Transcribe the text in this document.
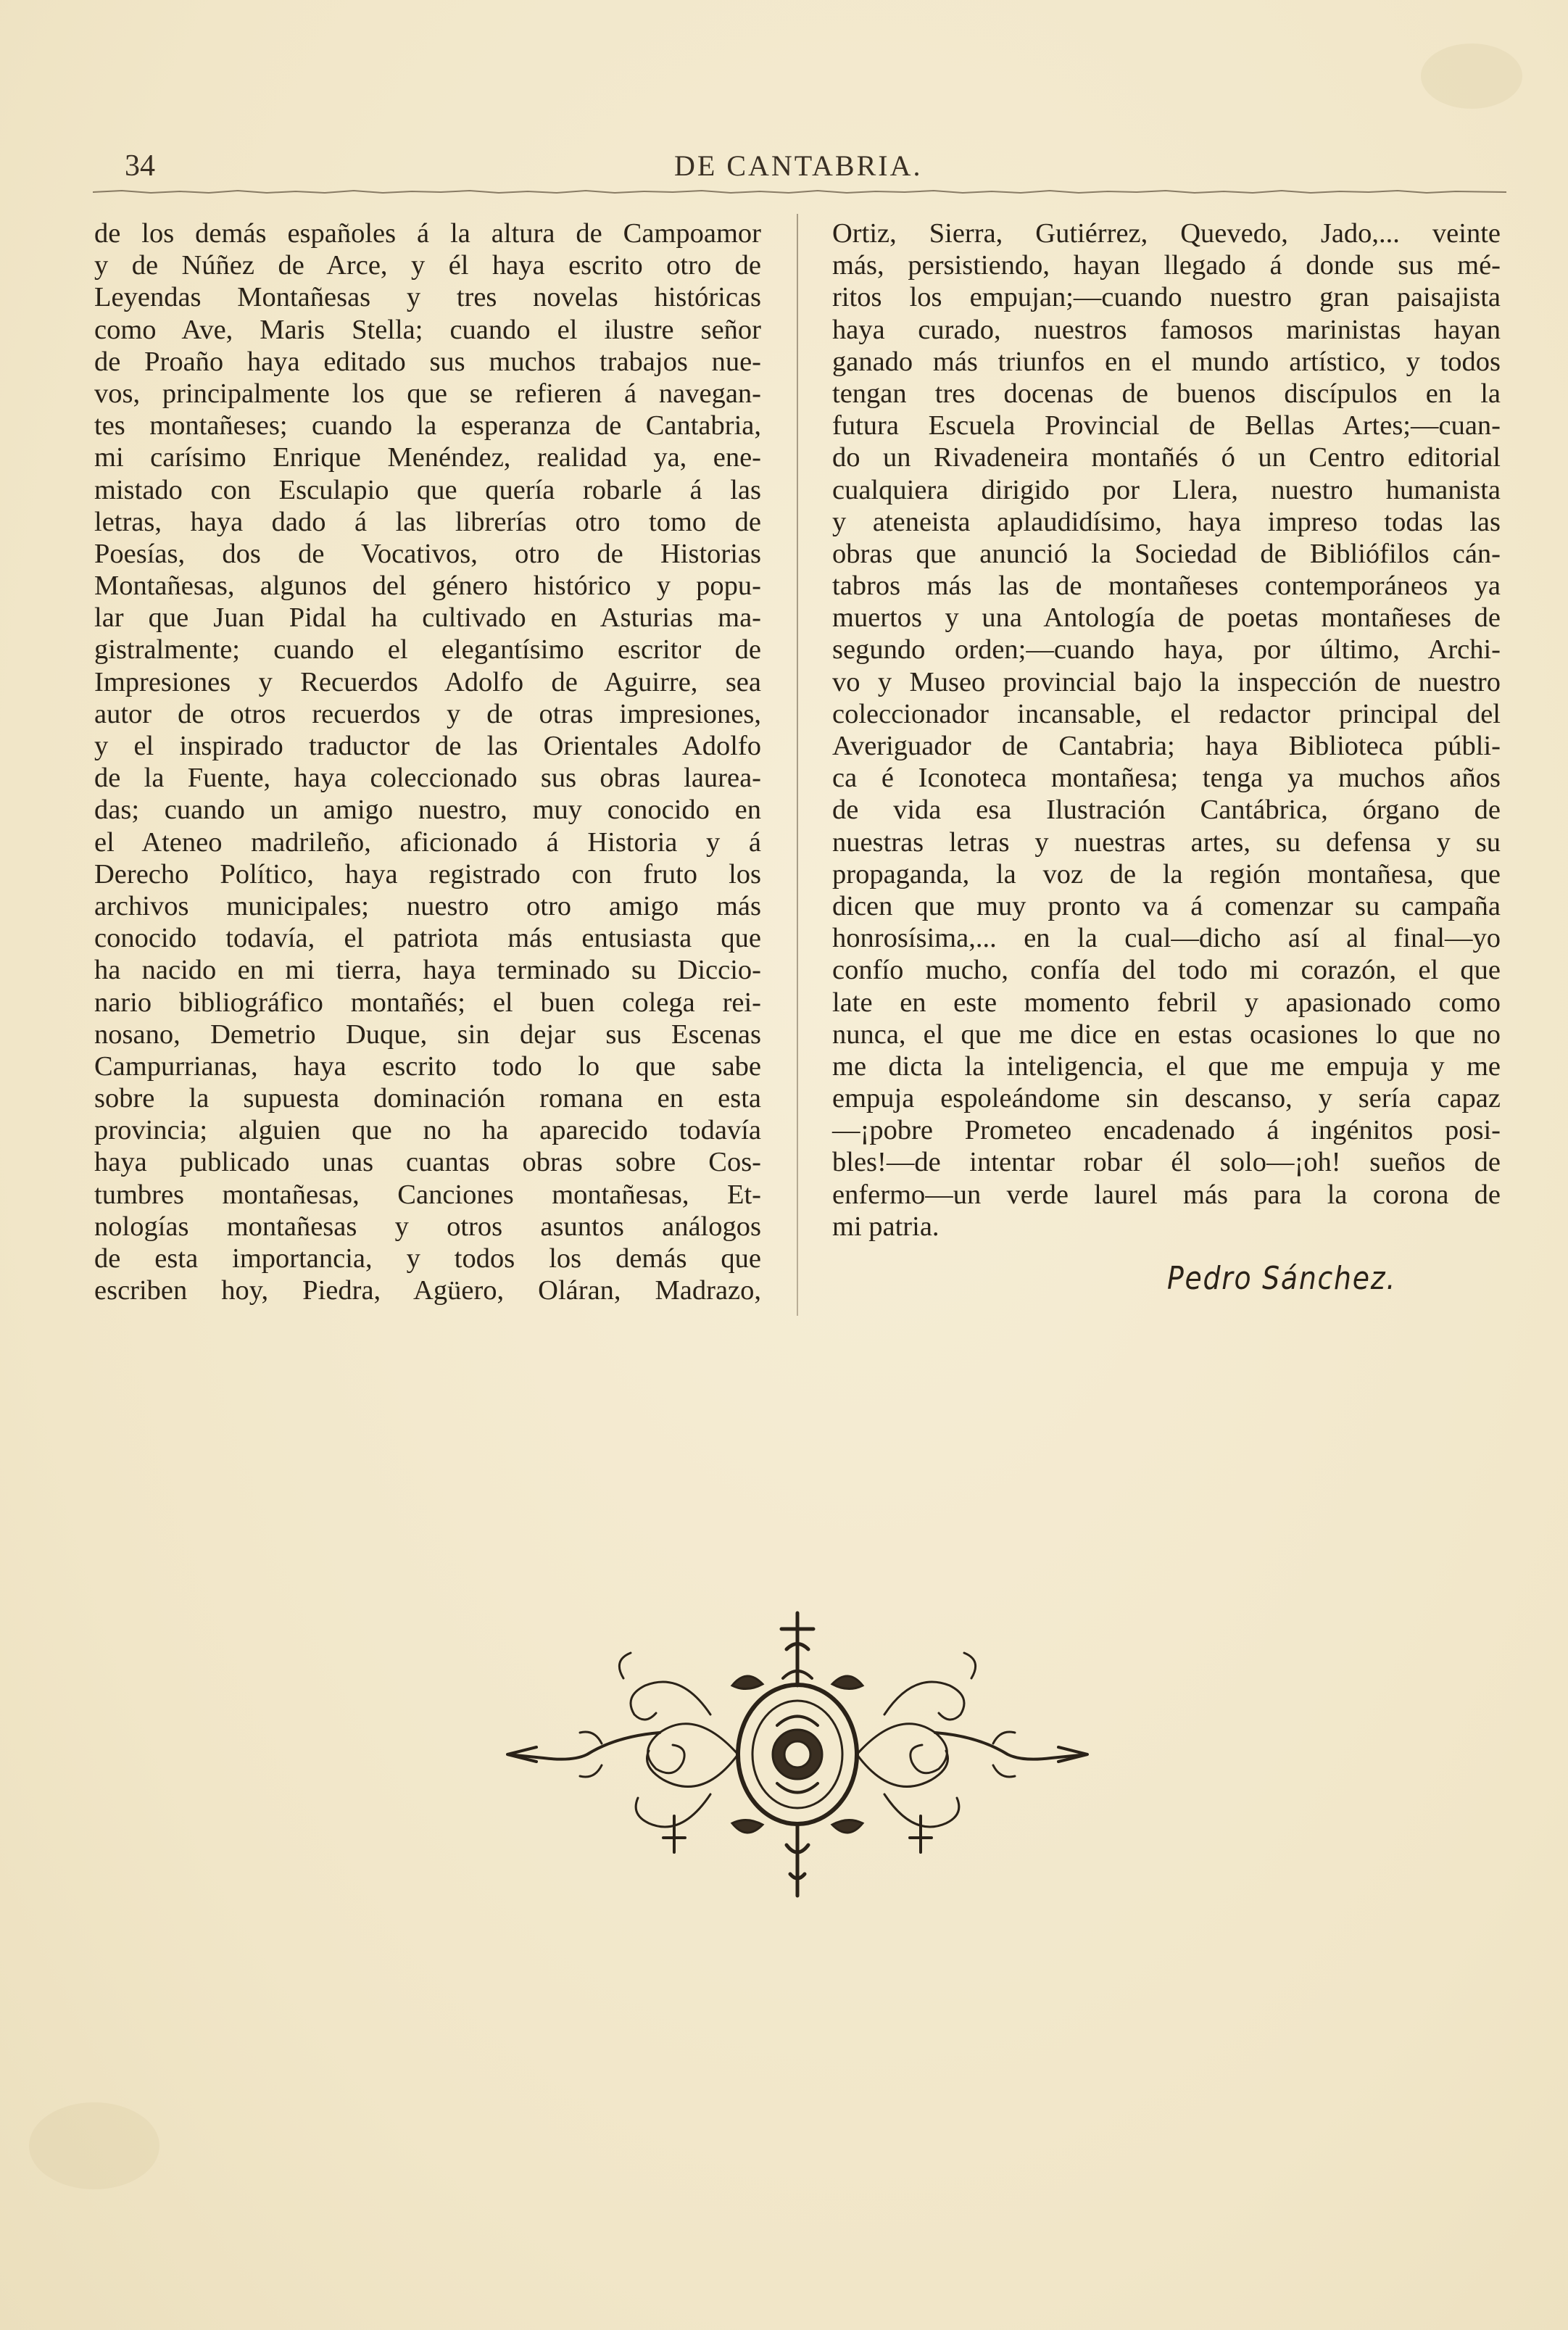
34	DE CANTABRIA.
de los demás españoles á la altura de Campoamor
y de Núñez de Arce, y él haya escrito otro de
Leyendas Montañesas y tres novelas históricas
como Ave, Maris Stella; cuando el ilustre señor
de Proaño haya editado sus muchos trabajos nue-
vos, principalmente los que se refieren á navegan-
tes montañeses; cuando la esperanza de Cantabria,
mi carísimo Enrique Menéndez, realidad ya, ene-
mistado con Esculapio que quería robarle á las
letras, haya dado á las librerías otro tomo de
Poesías, dos de Vocativos, otro de Historias
Montañesas, algunos del género histórico y popu-
lar que Juan Pidal ha cultivado en Asturias ma-
gistralmente; cuando el elegantísimo escritor de
Impresiones y Recuerdos Adolfo de Aguirre, sea
autor de otros recuerdos y de otras impresiones,
y el inspirado traductor de las Orientales Adolfo
de la Fuente, haya coleccionado sus obras laurea-
das; cuando un amigo nuestro, muy conocido en
el Ateneo madrileño, aficionado á Historia y á
Derecho Político, haya registrado con fruto los
archivos municipales; nuestro otro amigo más
conocido todavía, el patriota más entusiasta que
ha nacido en mi tierra, haya terminado su Diccio-
nario bibliográfico montañés; el buen colega rei-
nosano, Demetrio Duque, sin dejar sus Escenas
Campurrianas, haya escrito todo lo que sabe
sobre la supuesta dominación romana en esta
provincia; alguien que no ha aparecido todavía
haya publicado unas cuantas obras sobre Cos-
tumbres montañesas, Canciones montañesas, Et-
nologías montañesas y otros asuntos análogos
de esta importancia, y todos los demás que
escriben hoy, Piedra, Agüero, Oláran, Madrazo,
Ortiz, Sierra, Gutiérrez, Quevedo, Jado,... veinte
más, persistiendo, hayan llegado á donde sus mé-
ritos los empujan;—cuando nuestro gran paisajista
haya curado, nuestros famosos marinistas hayan
ganado más triunfos en el mundo artístico, y todos
tengan tres docenas de buenos discípulos en la
futura Escuela Provincial de Bellas Artes;—cuan-
do un Rivadeneira montañés ó un Centro editorial
cualquiera dirigido por Llera, nuestro humanista
y ateneista aplaudidísimo, haya impreso todas las
obras que anunció la Sociedad de Bibliófilos cán-
tabros más las de montañeses contemporáneos ya
muertos y una Antología de poetas montañeses de
segundo orden;—cuando haya, por último, Archi-
vo y Museo provincial bajo la inspección de nuestro
coleccionador incansable, el redactor principal del
Averiguador de Cantabria; haya Biblioteca públi-
ca é Iconoteca montañesa; tenga ya muchos años
de vida esa Ilustración Cantábrica, órgano de
nuestras letras y nuestras artes, su defensa y su
propaganda, la voz de la región montañesa, que
dicen que muy pronto va á comenzar su campaña
honrosísima,... en la cual—dicho así al final—yo
confío mucho, confía del todo mi corazón, el que
late en este momento febril y apasionado como
nunca, el que me dice en estas ocasiones lo que no
me dicta la inteligencia, el que me empuja y me
empuja espoleándome sin descanso, y sería capaz
—¡pobre Prometeo encadenado á ingénitos posi-
bles!—de intentar robar él solo—¡oh! sueños de
enfermo—un verde laurel más para la corona de
mi patria.
Pedro Sánchez.
